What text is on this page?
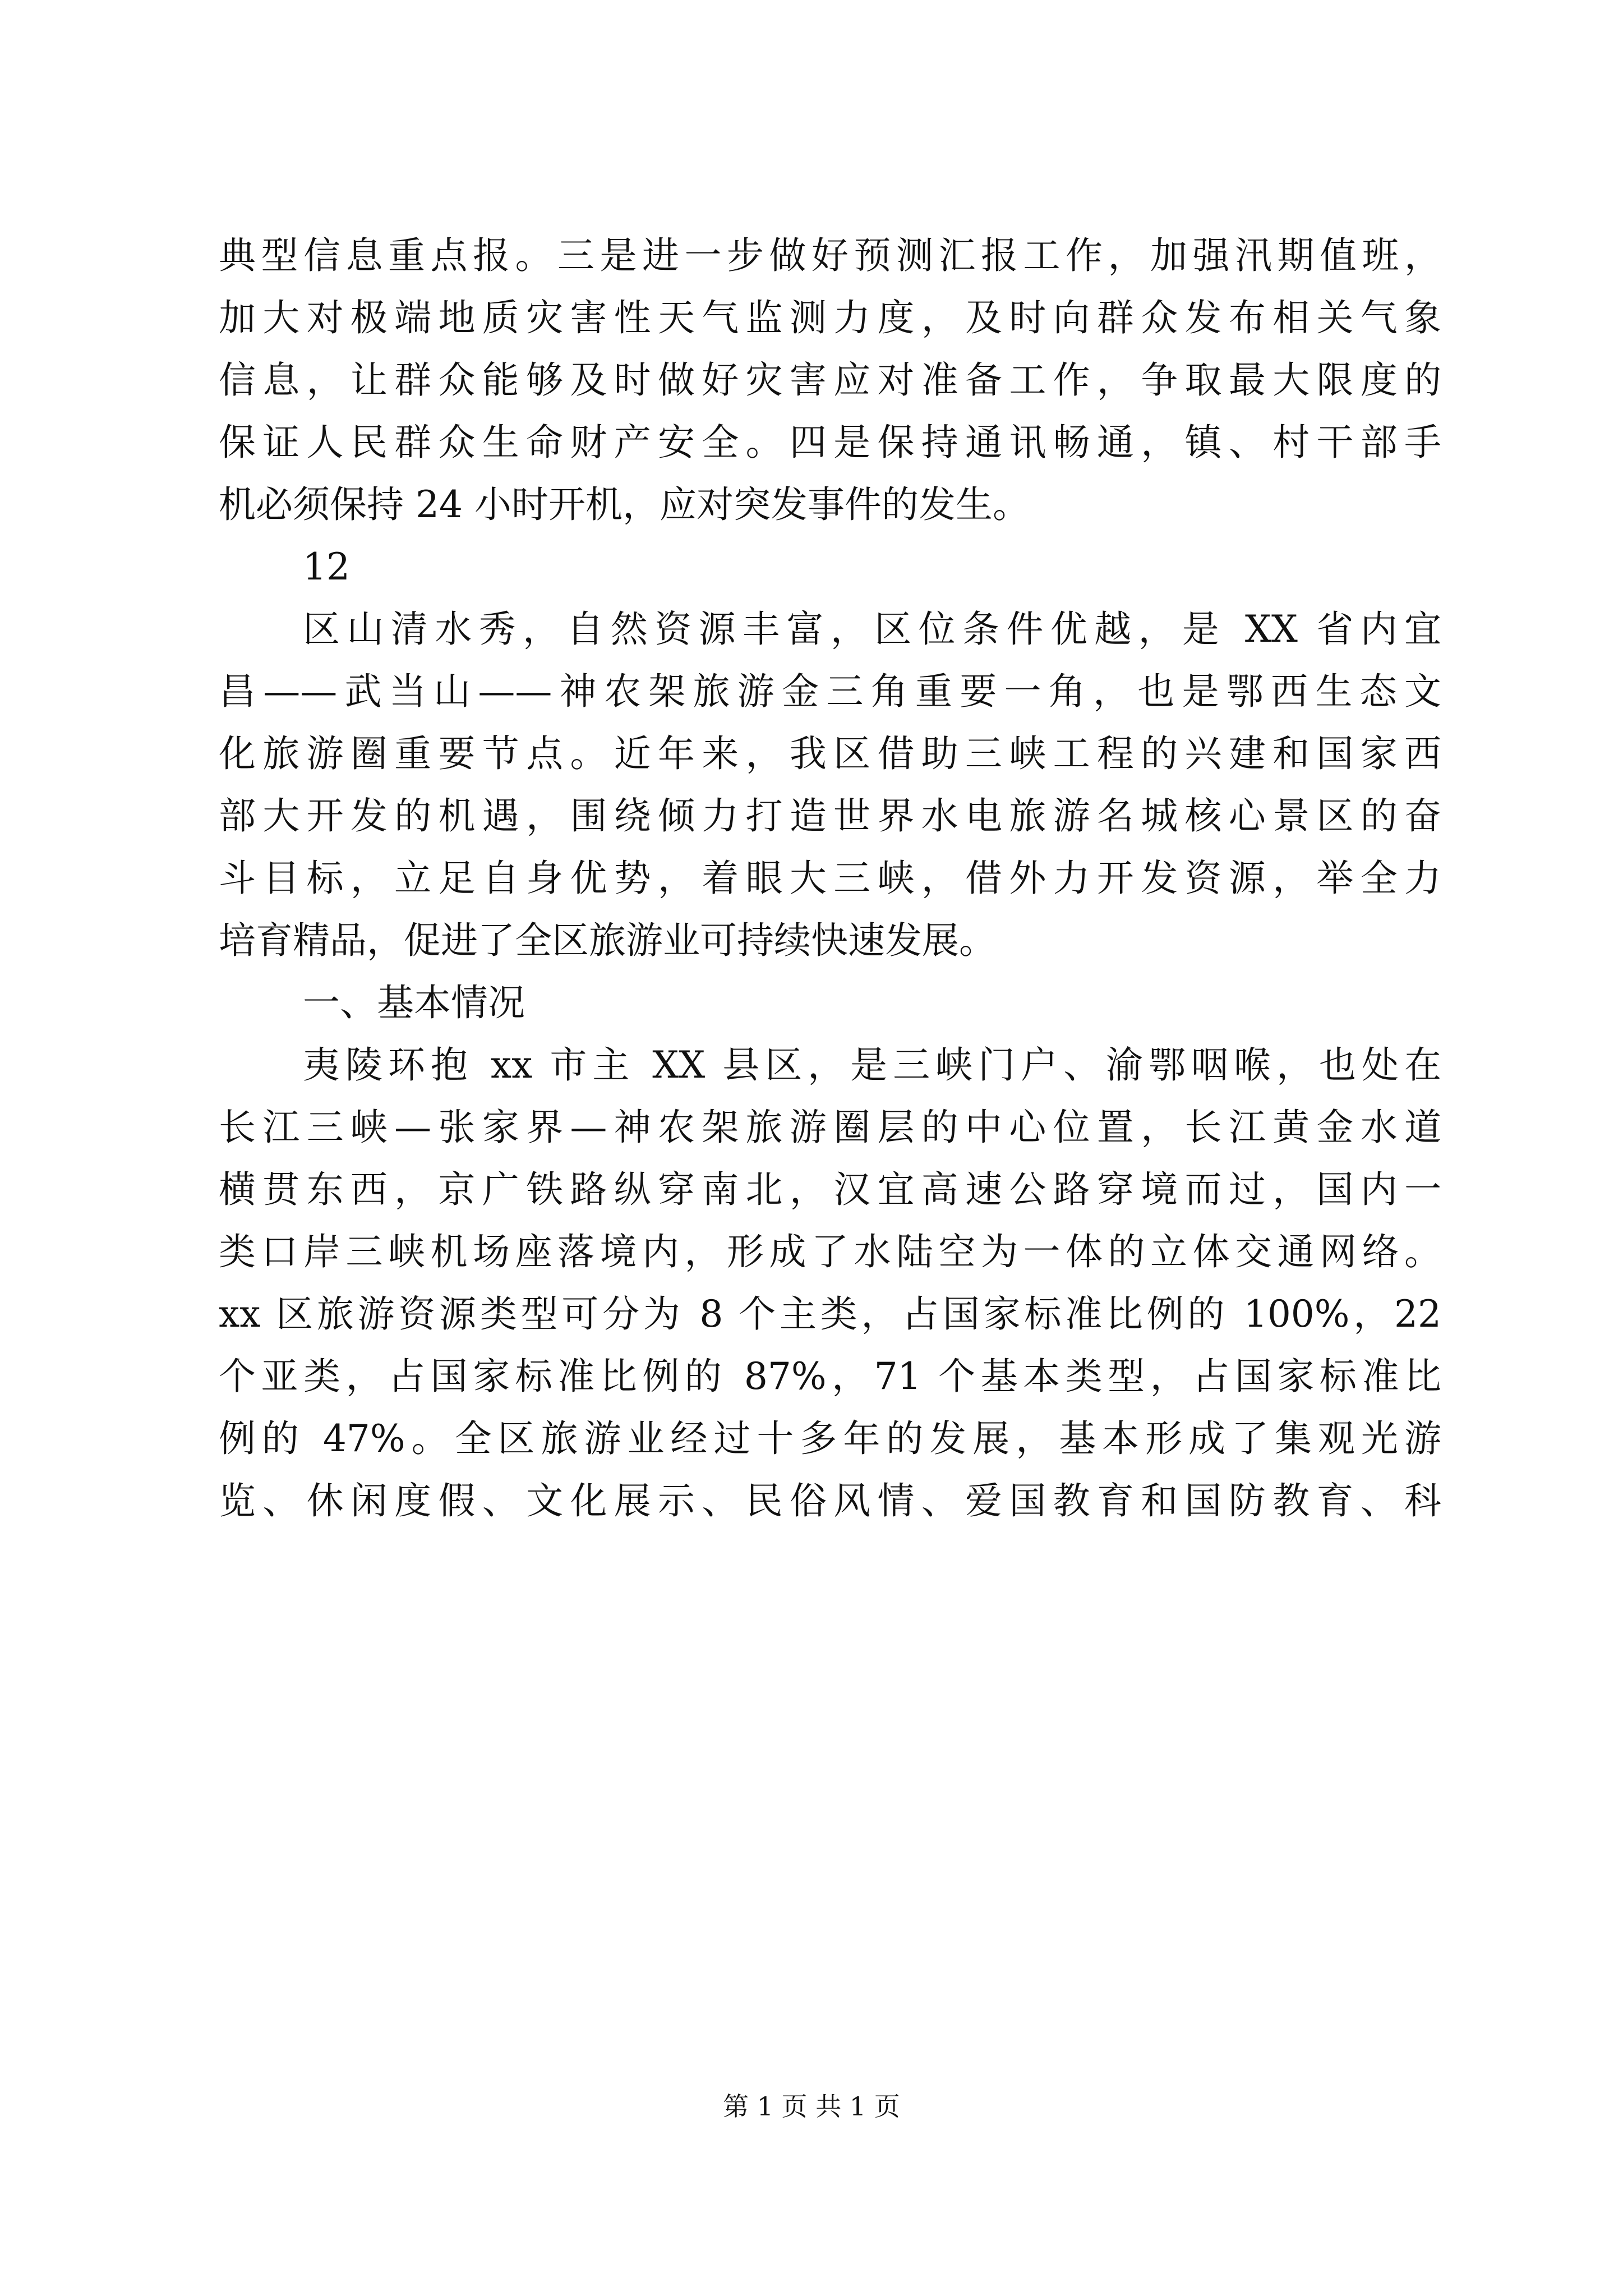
典型信息重点报。三是进一步做好预测汇报工作，加强汛期值班，
加大对极端地质灾害性天气监测力度，及时向群众发布相关气象
信息，让群众能够及时做好灾害应对准备工作，争取最大限度的
保证人民群众生命财产安全。四是保持通讯畅通，镇、村干部手
机必须保持 24 小时开机，应对突发事件的发生。
12
区山清水秀，自然资源丰富，区位条件优越，是 XX 省内宜
昌——武当山——神农架旅游金三角重要一角，也是鄂西生态文
化旅游圈重要节点。近年来，我区借助三峡工程的兴建和国家西
部大开发的机遇，围绕倾力打造世界水电旅游名城核心景区的奋
斗目标，立足自身优势，着眼大三峡，借外力开发资源，举全力
培育精品，促进了全区旅游业可持续快速发展。
一、基本情况
夷陵环抱 xx 市主 XX 县区，是三峡门户、渝鄂咽喉，也处在
长江三峡—张家界—神农架旅游圈层的中心位置，长江黄金水道
横贯东西，京广铁路纵穿南北，汉宜高速公路穿境而过，国内一
类口岸三峡机场座落境内，形成了水陆空为一体的立体交通网络。
xx 区旅游资源类型可分为 8 个主类，占国家标准比例的 100%，22
个亚类，占国家标准比例的 87%，71 个基本类型，占国家标准比
例的 47%。全区旅游业经过十多年的发展，基本形成了集观光游
览、休闲度假、文化展示、民俗风情、爱国教育和国防教育、科
第 1 页 共 1 页
